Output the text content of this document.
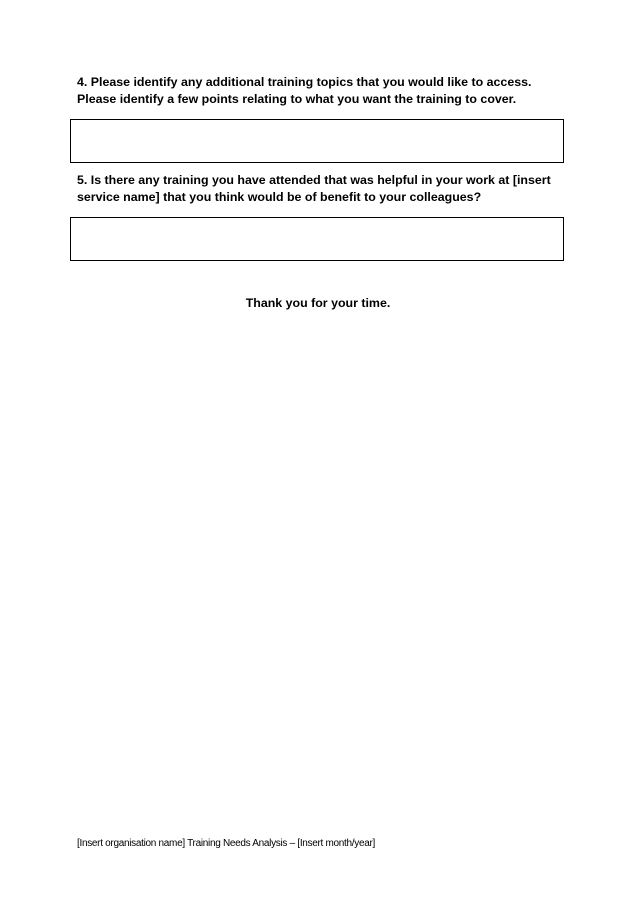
4. Please identify any additional training topics that you would like to access. Please identify a few points relating to what you want the training to cover.

5. Is there any training you have attended that was helpful in your work at [insert service name] that you think would be of benefit to your colleagues?

Thank you for your time.

[Insert organisation name] Training Needs Analysis – [Insert month/year]
